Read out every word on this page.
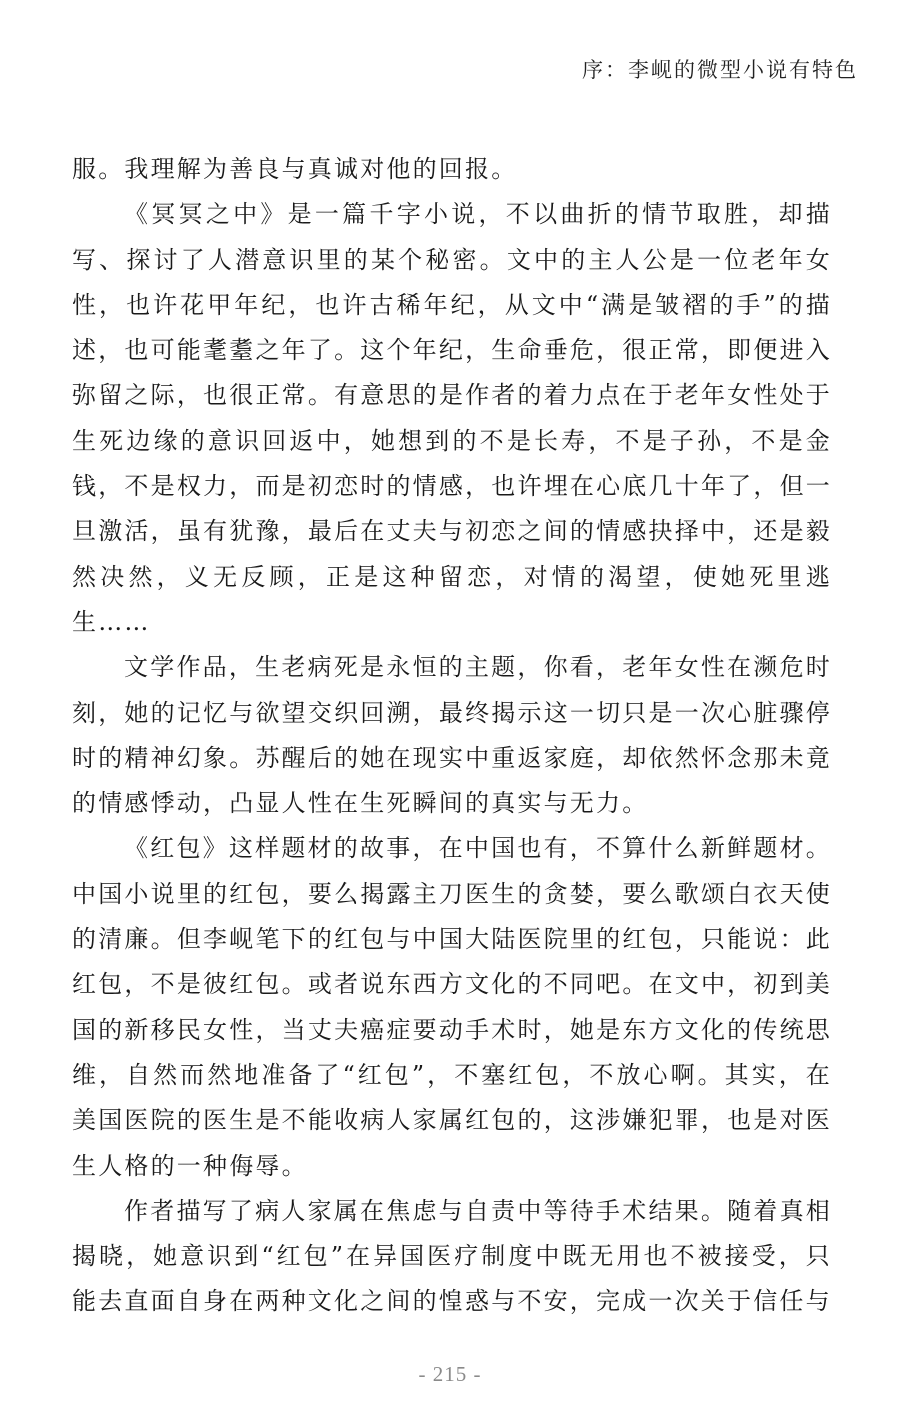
序：李岘的微型小说有特色

服。我理解为善良与真诚对他的回报。

《冥冥之中》是一篇千字小说，不以曲折的情节取胜，却描写、探讨了人潜意识里的某个秘密。文中的主人公是一位老年女性，也许花甲年纪，也许古稀年纪，从文中“满是皱褶的手”的描述，也可能耄耋之年了。这个年纪，生命垂危，很正常，即便进入弥留之际，也很正常。有意思的是作者的着力点在于老年女性处于生死边缘的意识回返中，她想到的不是长寿，不是子孙，不是金钱，不是权力，而是初恋时的情感，也许埋在心底几十年了，但一旦激活，虽有犹豫，最后在丈夫与初恋之间的情感抉择中，还是毅然决然，义无反顾，正是这种留恋，对情的渴望，使她死里逃生……

文学作品，生老病死是永恒的主题，你看，老年女性在濒危时刻，她的记忆与欲望交织回溯，最终揭示这一切只是一次心脏骤停时的精神幻象。苏醒后的她在现实中重返家庭，却依然怀念那未竟的情感悸动，凸显人性在生死瞬间的真实与无力。

《红包》这样题材的故事，在中国也有，不算什么新鲜题材。中国小说里的红包，要么揭露主刀医生的贪婪，要么歌颂白衣天使的清廉。但李岘笔下的红包与中国大陆医院里的红包，只能说：此红包，不是彼红包。或者说东西方文化的不同吧。在文中，初到美国的新移民女性，当丈夫癌症要动手术时，她是东方文化的传统思维，自然而然地准备了“红包”，不塞红包，不放心啊。其实，在美国医院的医生是不能收病人家属红包的，这涉嫌犯罪，也是对医生人格的一种侮辱。

作者描写了病人家属在焦虑与自责中等待手术结果。随着真相揭晓，她意识到“红包”在异国医疗制度中既无用也不被接受，只能去直面自身在两种文化之间的惶惑与不安，完成一次关于信任与

- 215 -
